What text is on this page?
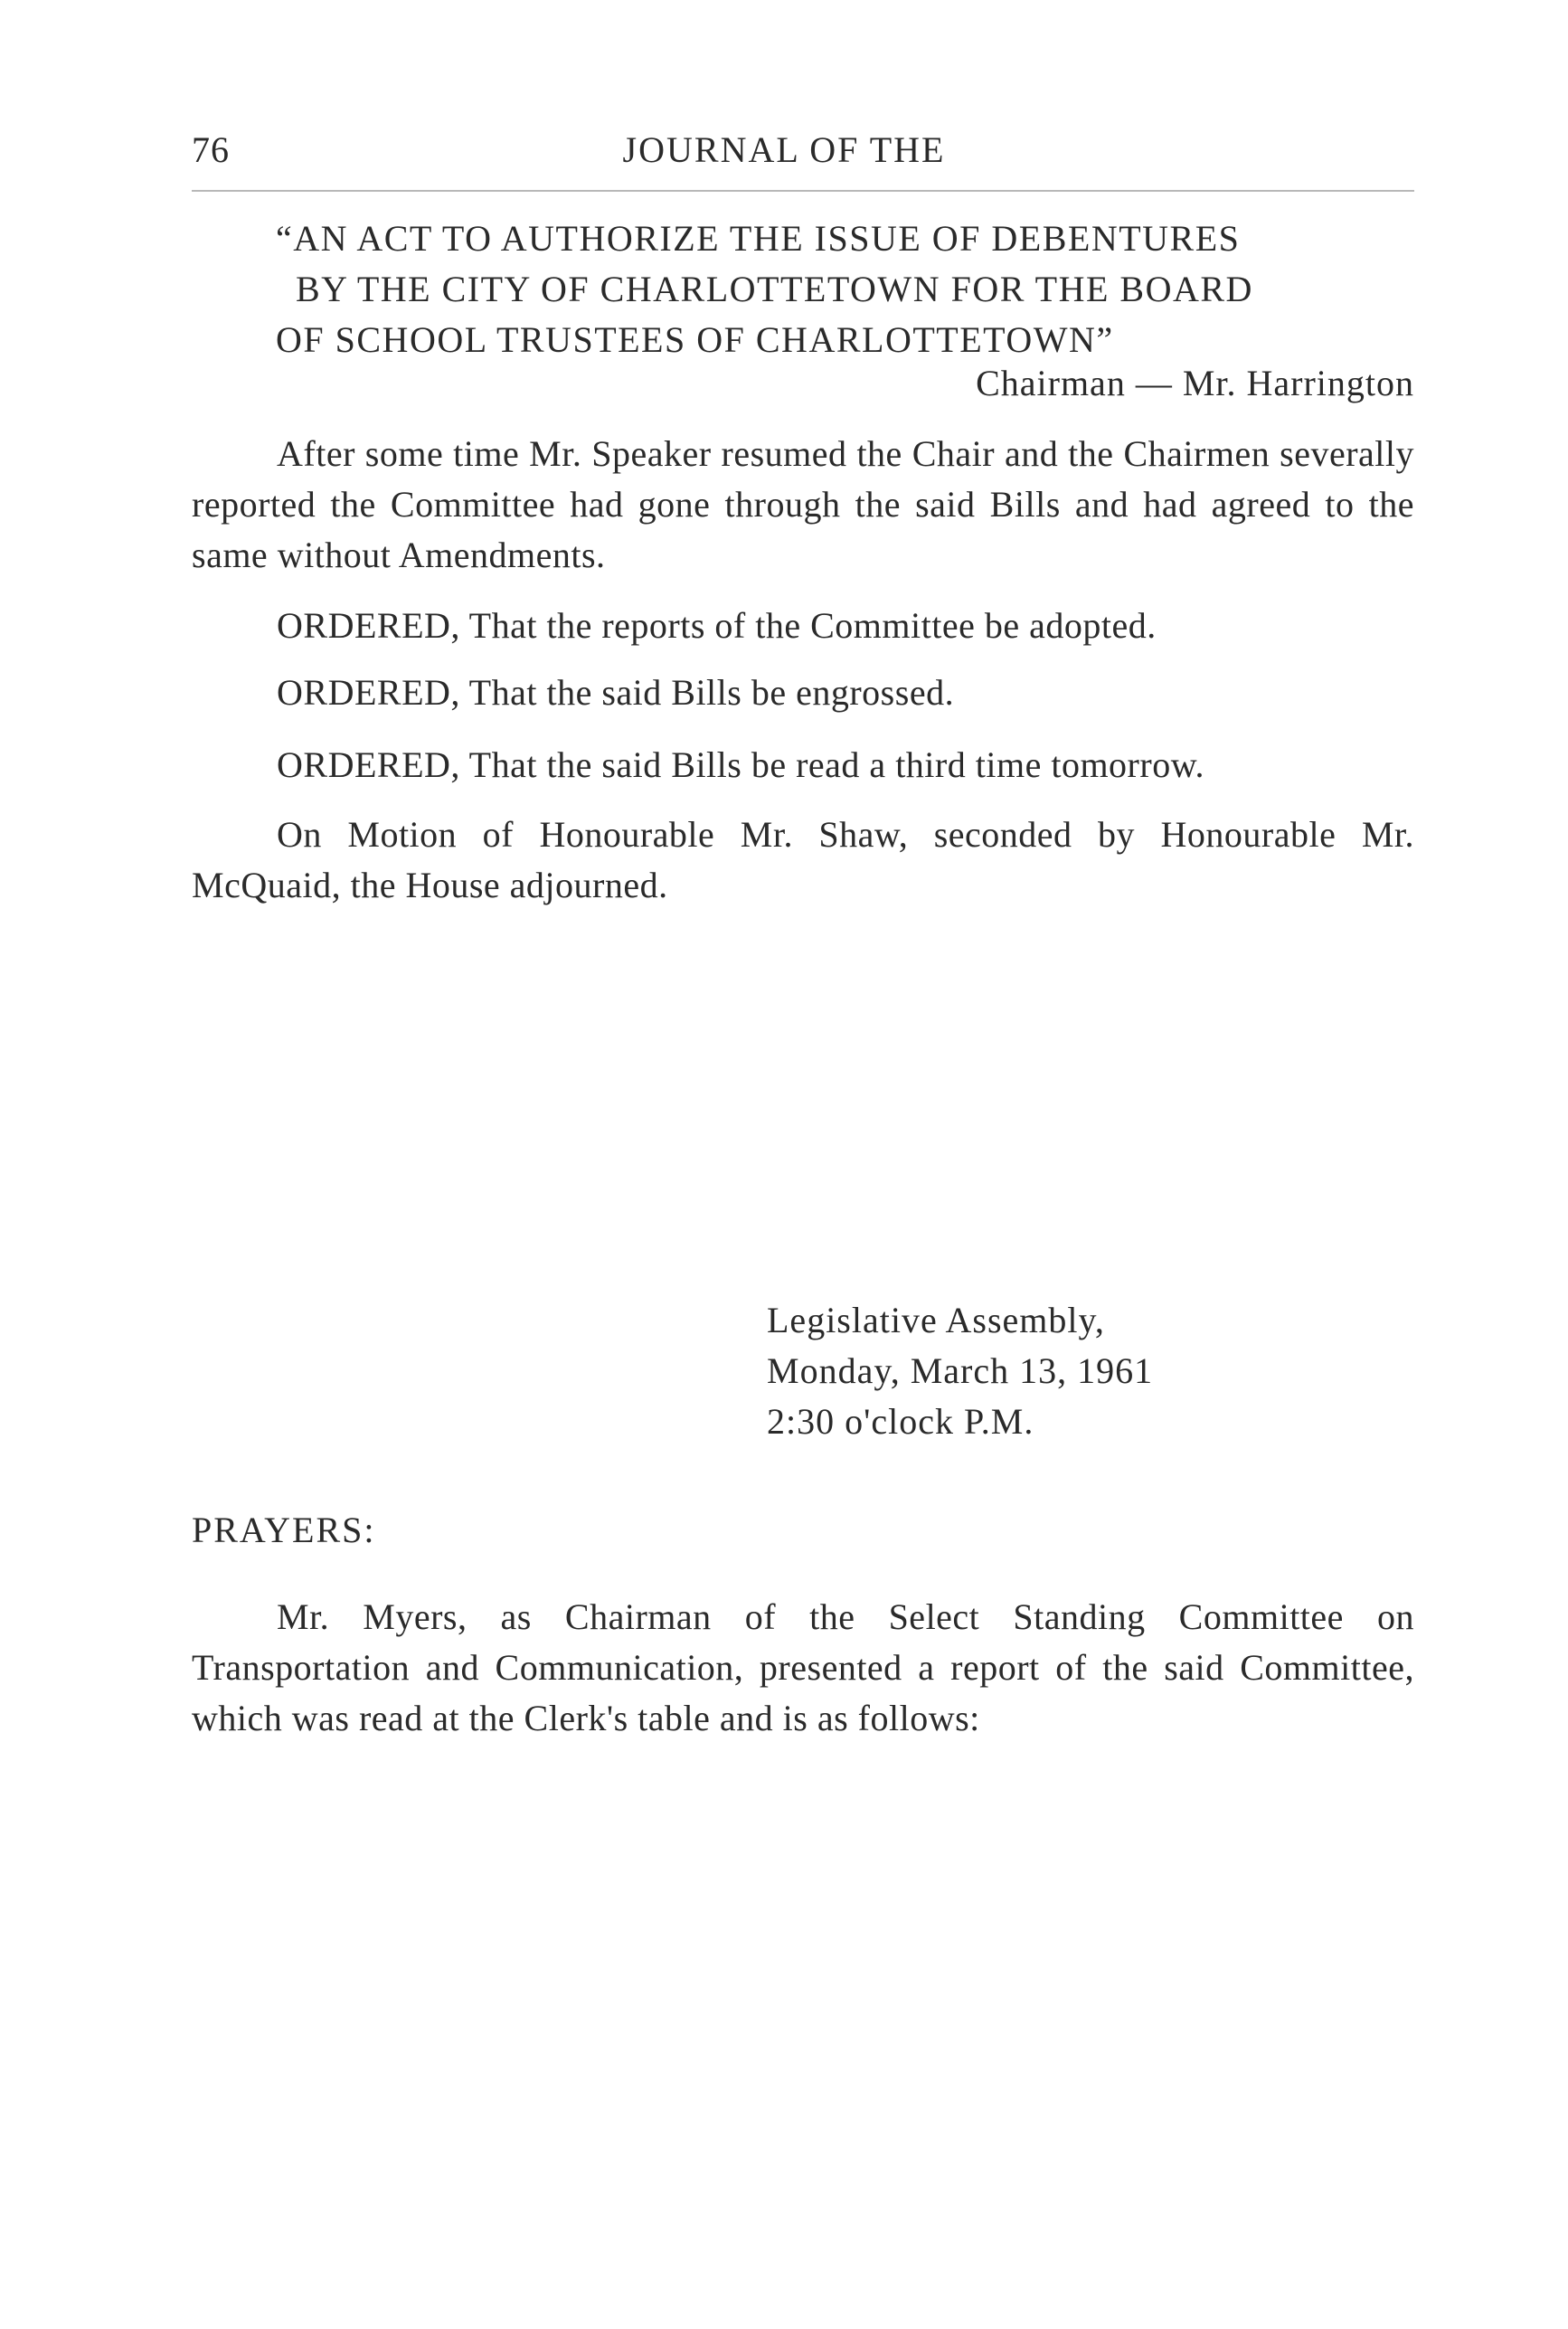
76	JOURNAL OF THE
“AN ACT TO AUTHORIZE THE ISSUE OF DEBENTURES
BY THE CITY OF CHARLOTTETOWN FOR THE BOARD
OF SCHOOL TRUSTEES OF CHARLOTTETOWN”
Chairman — Mr. Harrington

After some time Mr. Speaker resumed the Chair and the Chairmen severally reported the Committee had gone through the said Bills and had agreed to the same without Amendments.

ORDERED, That the reports of the Committee be adopted.

ORDERED, That the said Bills be engrossed.

ORDERED, That the said Bills be read a third time tomorrow.

On Motion of Honourable Mr. Shaw, seconded by Honourable Mr. McQuaid, the House adjourned.

Legislative Assembly,
Monday, March 13, 1961
2:30 o'clock P.M.
PRAYERS:

Mr. Myers, as Chairman of the Select Standing Committee on Transportation and Communication, presented a report of the said Committee, which was read at the Clerk's table and is as follows:
